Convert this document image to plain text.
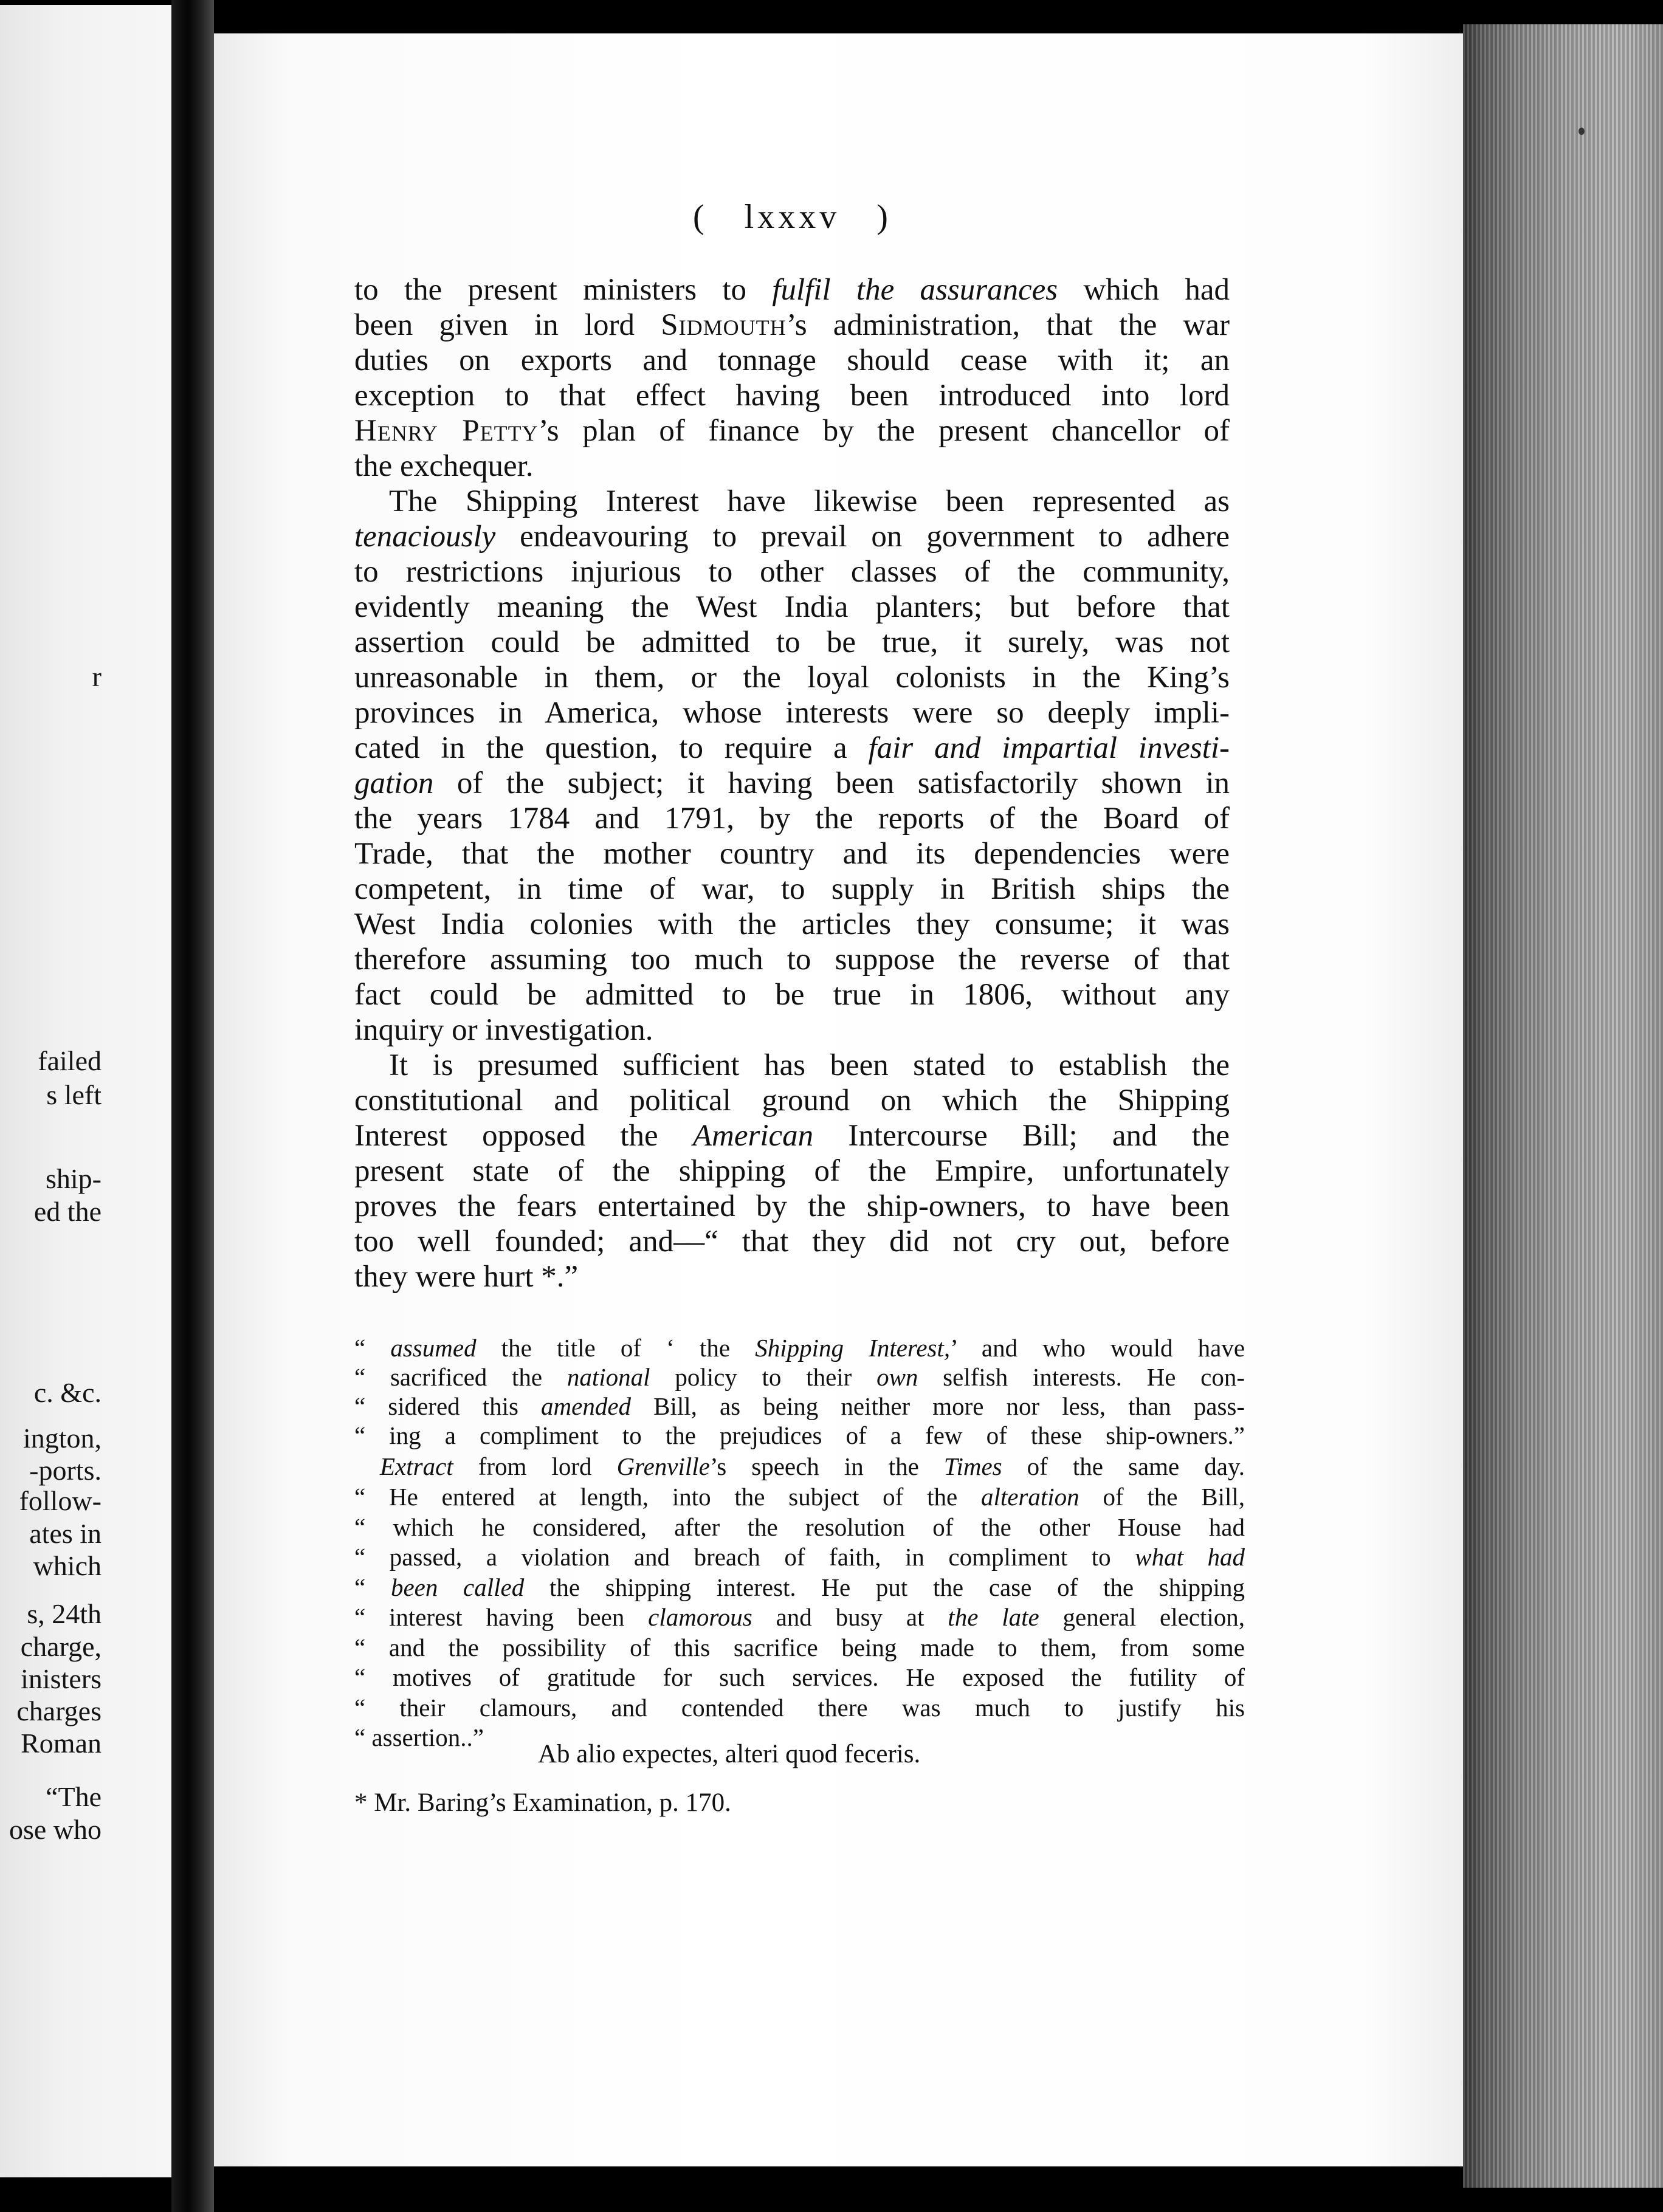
r
failed
s left
ship-
ed the
c. &c.
ington,
-ports.
follow-
ates in
which
s, 24th
charge,
inisters
charges
Roman
“The
ose who
(   lxxxv   )
to the present ministers to fulfil the assurances which had
been given in lord Sidmouth’s administration, that the war
duties on exports and tonnage should cease with it; an
exception to that effect having been introduced into lord
Henry Petty’s plan of finance by the present chancellor of
the exchequer.
The Shipping Interest have likewise been represented as
tenaciously endeavouring to prevail on government to adhere
to restrictions injurious to other classes of the community,
evidently meaning the West India planters; but before that
assertion could be admitted to be true, it surely, was not
unreasonable in them, or the loyal colonists in the King’s
provinces in America, whose interests were so deeply impli-
cated in the question, to require a fair and impartial investi-
gation of the subject; it having been satisfactorily shown in
the years 1784 and 1791, by the reports of the Board of
Trade, that the mother country and its dependencies were
competent, in time of war, to supply in British ships the
West India colonies with the articles they consume; it was
therefore assuming too much to suppose the reverse of that
fact could be admitted to be true in 1806, without any
inquiry or investigation.
It is presumed sufficient has been stated to establish the
constitutional and political ground on which the Shipping
Interest opposed the American Intercourse Bill; and the
present state of the shipping of the Empire, unfortunately
proves the fears entertained by the ship-owners, to have been
too well founded; and—“ that they did not cry out, before
they were hurt *.”
“ assumed the title of ‘ the Shipping Interest,’ and who would have
“ sacrificed the national policy to their own selfish interests. He con-
“ sidered this amended Bill, as being neither more nor less, than pass-
“ ing a compliment to the prejudices of a few of these ship-owners.”
Extract from lord Grenville’s speech in the Times of the same day.
“ He entered at length, into the subject of the alteration of the Bill,
“ which he considered, after the resolution of the other House had
“ passed, a violation and breach of faith, in compliment to what had
“ been called the shipping interest. He put the case of the shipping
“ interest having been clamorous and busy at the late general election,
“ and the possibility of this sacrifice being made to them, from some
“ motives of gratitude for such services. He exposed the futility of
“ their clamours, and contended there was much to justify his
“ assertion..”
Ab alio expectes, alteri quod feceris.
* Mr. Baring’s Examination, p. 170.
